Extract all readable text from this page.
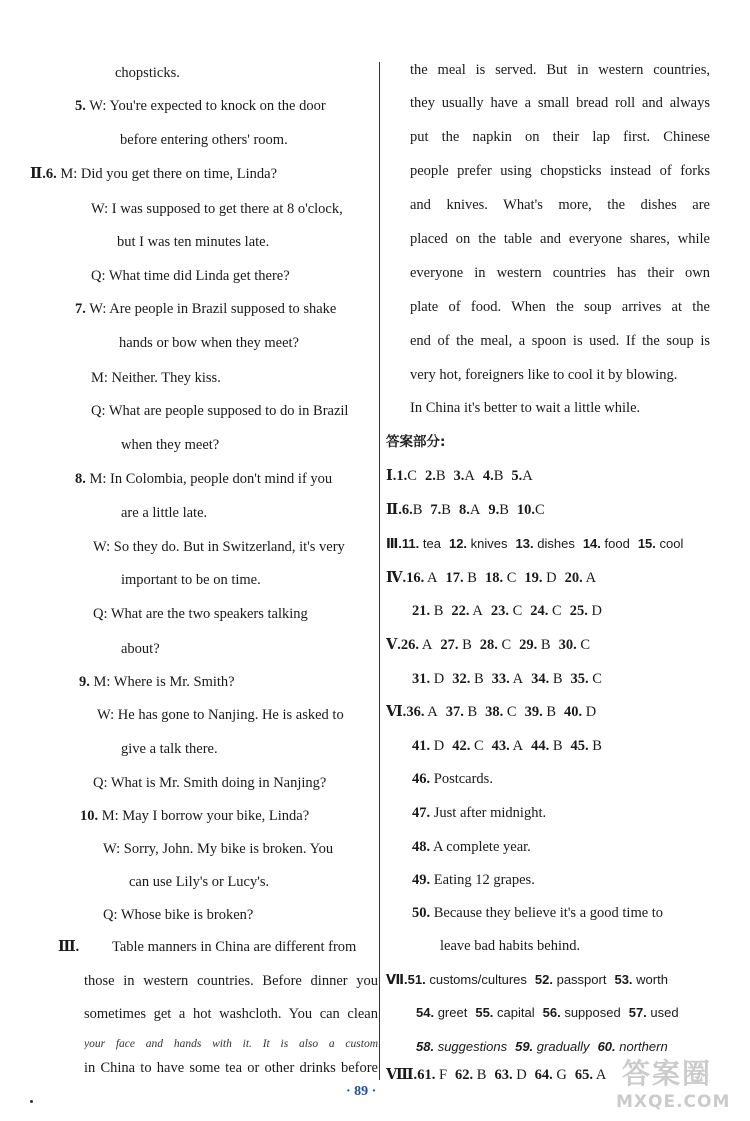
chopsticks.
5. W: You're expected to knock on the door
before entering others' room.
Ⅱ.6. M: Did you get there on time, Linda?
W: I was supposed to get there at 8 o'clock,
but I was ten minutes late.
Q: What time did Linda get there?
7. W: Are people in Brazil supposed to shake
hands or bow when they meet?
M: Neither. They kiss.
Q: What are people supposed to do in Brazil
when they meet?
8. M: In Colombia, people don't mind if you
are a little late.
W: So they do. But in Switzerland, it's very
important to be on time.
Q: What are the two speakers talking
about?
9. M: Where is Mr. Smith?
W: He has gone to Nanjing. He is asked to
give a talk there.
Q: What is Mr. Smith doing in Nanjing?
10. M: May I borrow your bike, Linda?
W: Sorry, John. My bike is broken. You
can use Lily's or Lucy's.
Q: Whose bike is broken?
Ⅲ. Table manners in China are different from
those in western countries. Before dinner you
sometimes get a hot washcloth. You can clean
your face and hands with it. It is also a custom
in China to have some tea or other drinks before
the meal is served. But in western countries,
they usually have a small bread roll and always
put the napkin on their lap first. Chinese
people prefer using chopsticks instead of forks
and knives. What's more, the dishes are
placed on the table and everyone shares, while
everyone in western countries has their own
plate of food. When the soup arrives at the
end of the meal, a spoon is used. If the soup is
very hot, foreigners like to cool it by blowing.
In China it's better to wait a little while.
答案部分:
Ⅰ.1.C 2.B 3.A 4.B 5.A
Ⅱ.6.B 7.B 8.A 9.B 10.C
Ⅲ.11. tea 12. knives 13. dishes 14. food 15. cool
Ⅳ.16. A 17. B 18. C 19. D 20. A
21. B 22. A 23. C 24. C 25. D
Ⅴ.26. A 27. B 28. C 29. B 30. C
31. D 32. B 33. A 34. B 35. C
Ⅵ.36. A 37. B 38. C 39. B 40. D
41. D 42. C 43. A 44. B 45. B
46. Postcards.
47. Just after midnight.
48. A complete year.
49. Eating 12 grapes.
50. Because they believe it's a good time to
leave bad habits behind.
Ⅶ.51. customs/cultures 52. passport 53. worth
54. greet 55. capital 56. supposed 57. used
58. suggestions 59. gradually 60. northern
Ⅷ.61. F 62. B 63. D 64. G 65. A
· 89 ·
答案圈
MXQE.COM
